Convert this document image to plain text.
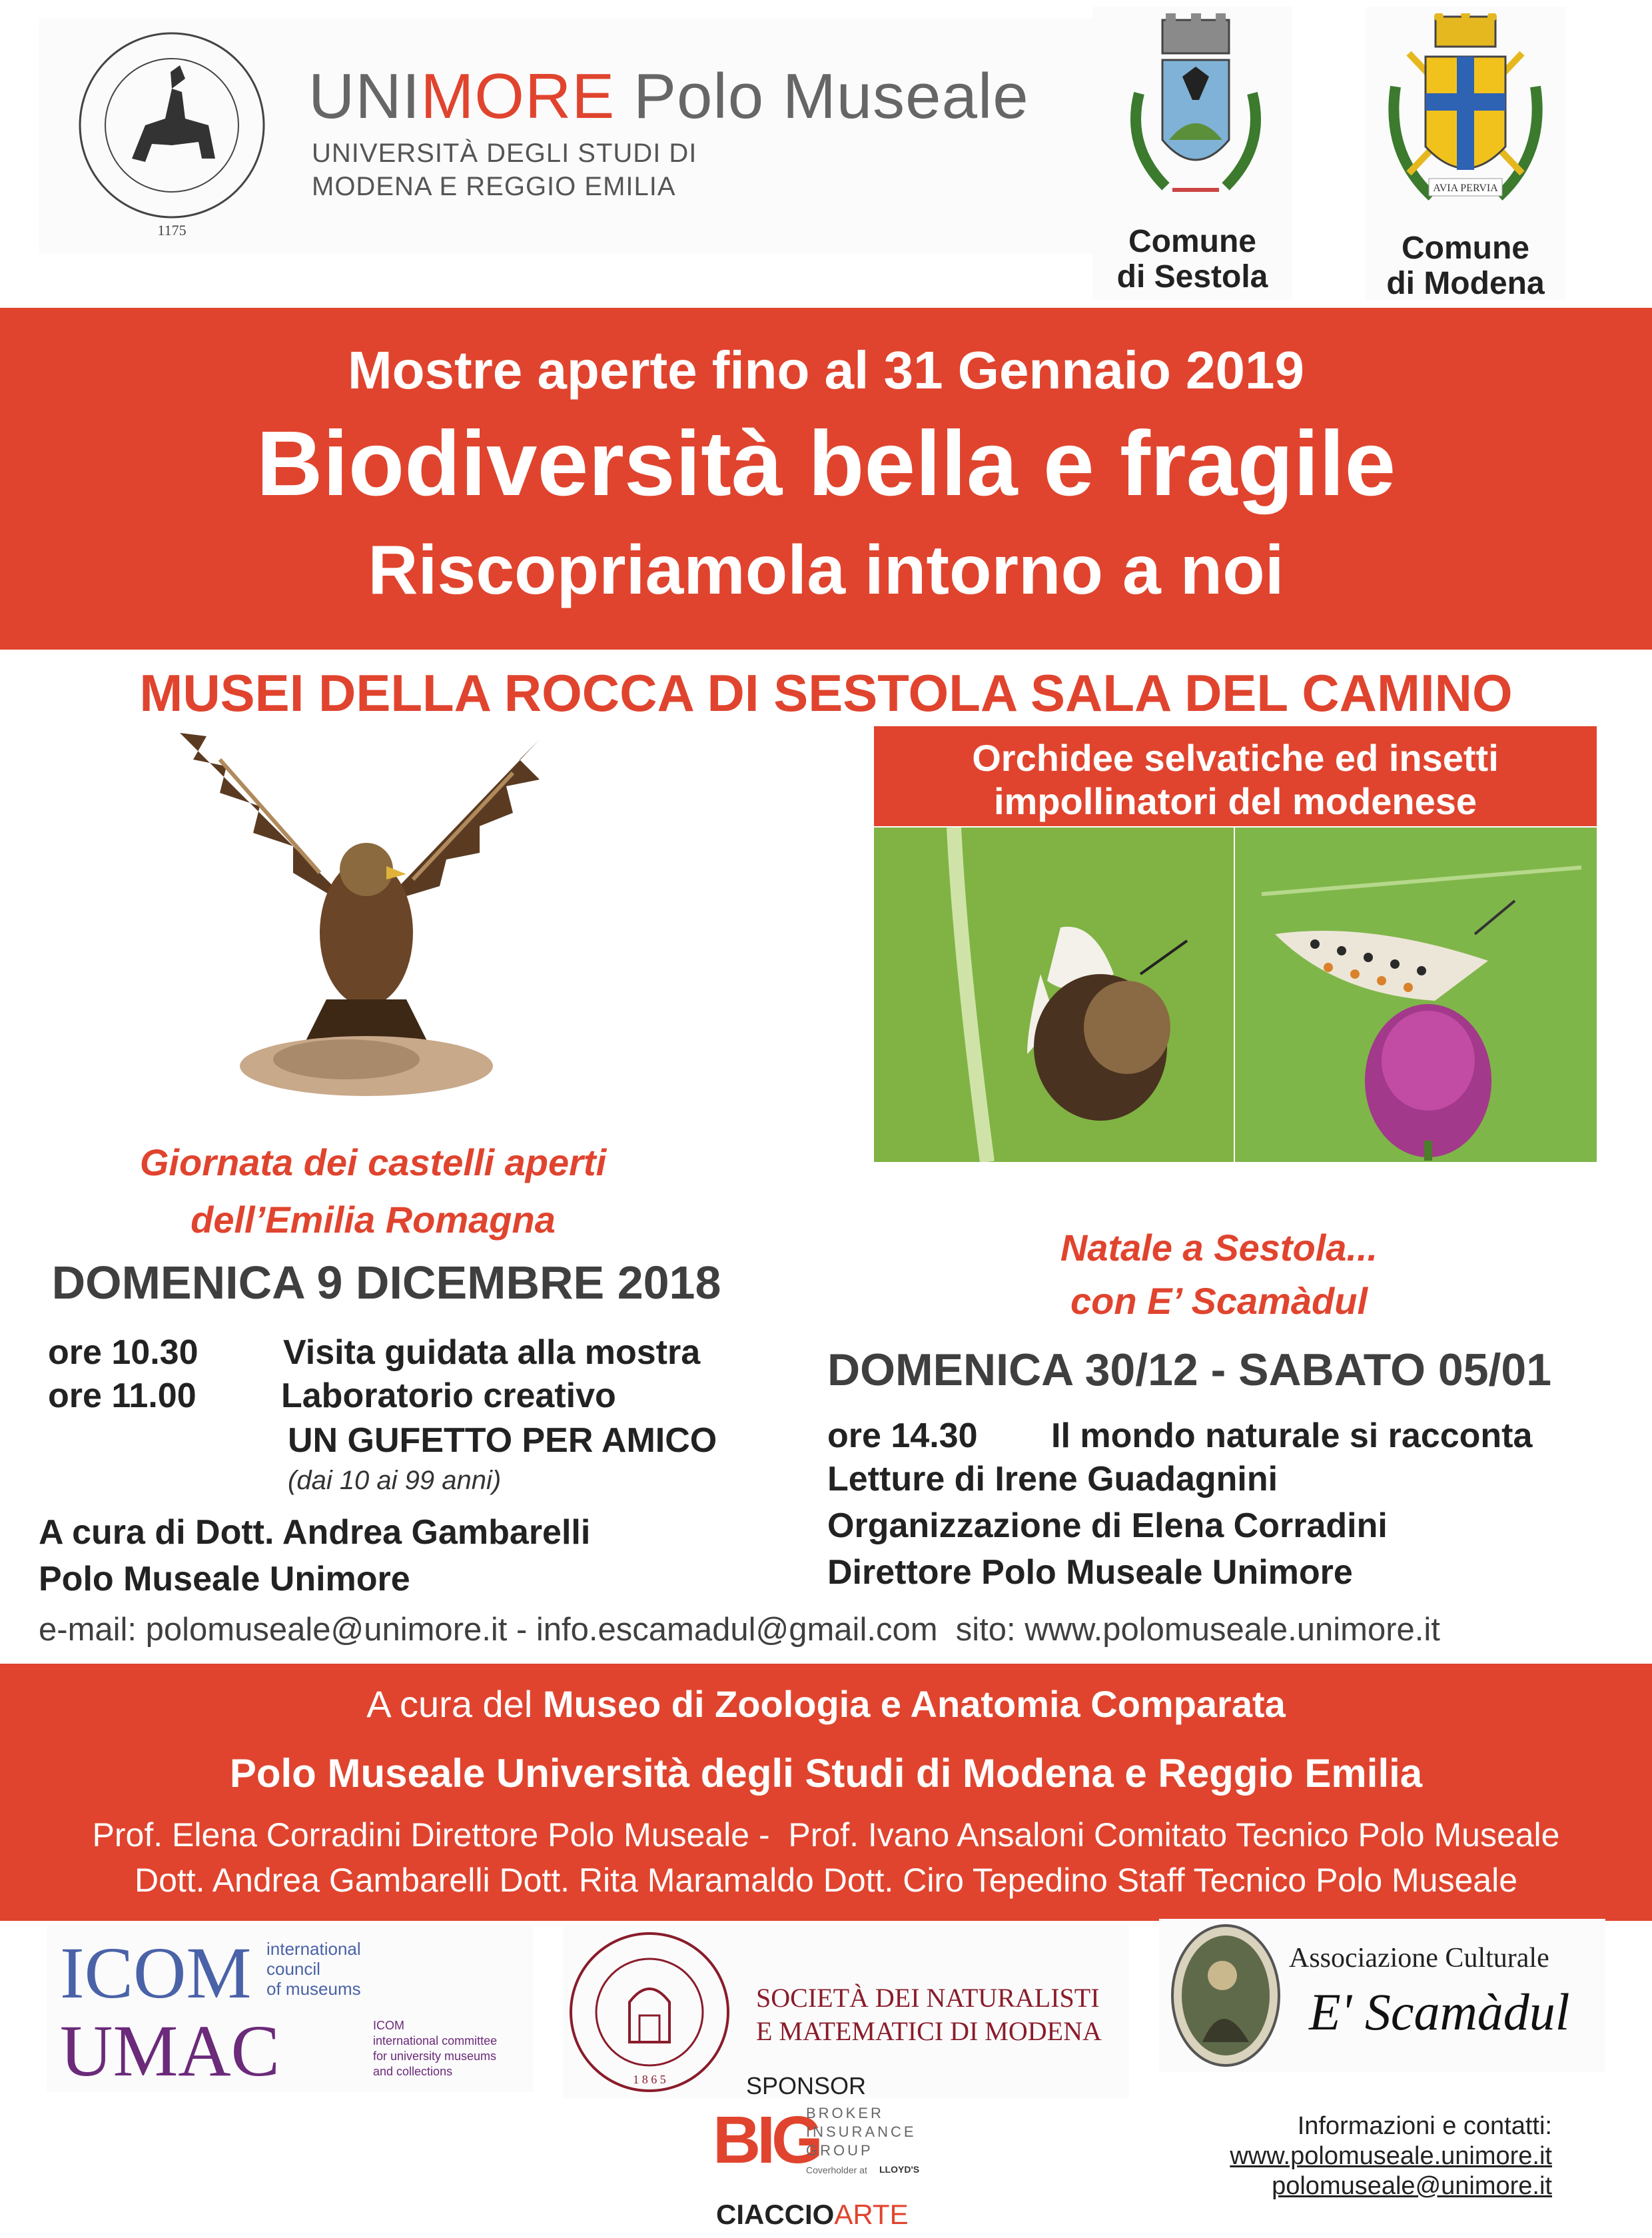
1175
UNIMORE Polo Museale
UNIVERSITÀ DEGLI STUDI DI
MODENA E REGGIO EMILIA
Comune
di Sestola
AVIA PERVIA
Comune
di Modena
Mostre aperte fino al 31 Gennaio 2019
Biodiversità bella e fragile
Riscopriamola intorno a noi
MUSEI DELLA ROCCA DI SESTOLA SALA DEL CAMINO
Orchidee selvatiche ed insetti
impollinatori del modenese
Giornata dei castelli aperti
dell’Emilia Romagna
DOMENICA 9 DICEMBRE 2018
ore 10.30 Visita guidata alla mostra
ore 11.00 Laboratorio creativo
UN GUFETTO PER AMICO
(dai 10 ai 99 anni)
A cura di Dott. Andrea Gambarelli
Polo Museale Unimore
Natale a Sestola...
con E’ Scamàdul
DOMENICA 30/12 - SABATO 05/01
ore 14.30 Il mondo naturale si racconta
Letture di Irene Guadagnini
Organizzazione di Elena Corradini
Direttore Polo Museale Unimore
e-mail: polomuseale@unimore.it - info.escamadul@gmail.com  sito: www.polomuseale.unimore.it
A cura del Museo di Zoologia e Anatomia Comparata
Polo Museale Università degli Studi di Modena e Reggio Emilia
Prof. Elena Corradini Direttore Polo Museale -  Prof. Ivano Ansaloni Comitato Tecnico Polo Museale
Dott. Andrea Gambarelli Dott. Rita Maramaldo Dott. Ciro Tepedino Staff Tecnico Polo Museale
ICOM international
council
of museums
UMAC	ICOM
international committee
for university museums
and collections
1 8 6 5
SOCIETÀ DEI NATURALISTI
E MATEMATICI DI MODENA
Associazione Culturale
E' Scamàdul
SPONSOR
BIG
BROKER
INSURANCE
GROUP
Coverholder at LLOYD'S
CIACCIOARTE
Informazioni e contatti:
www.polomuseale.unimore.it
polomuseale@unimore.it
